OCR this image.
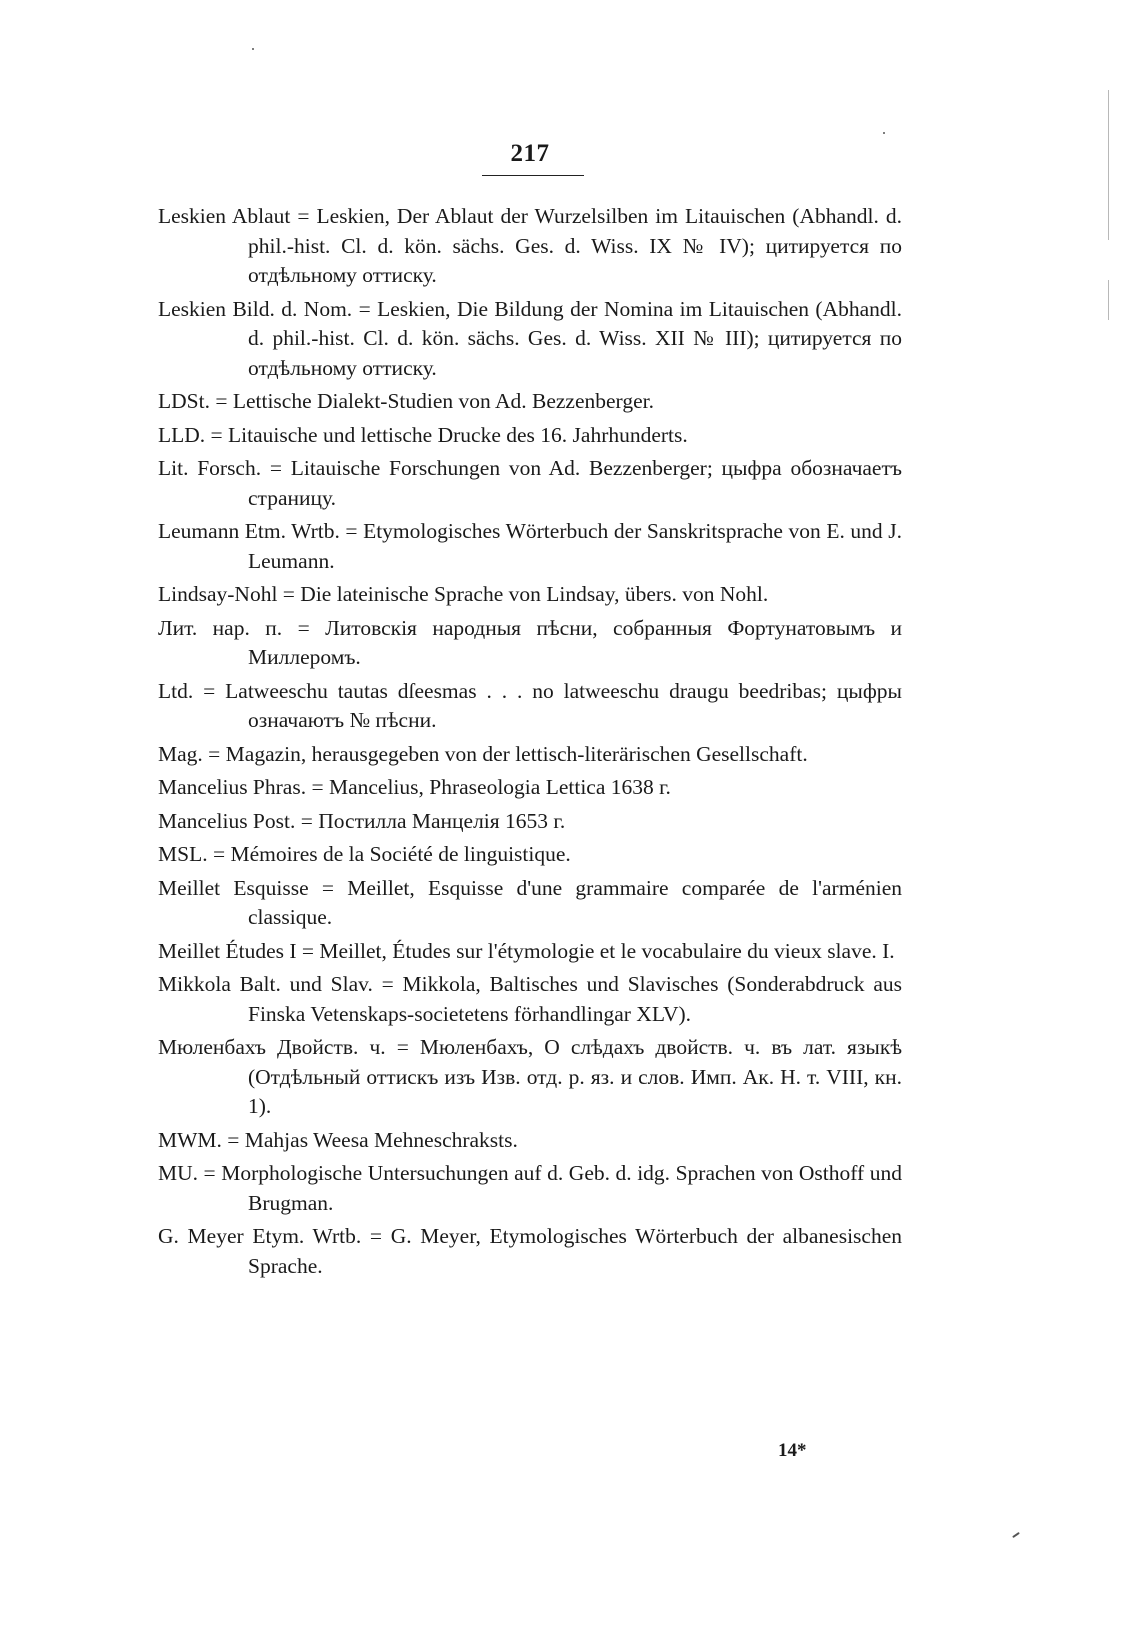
217

Leskien Ablaut = Leskien, Der Ablaut der Wurzelsilben im Litauischen (Abhandl. d. phil.-hist. Cl. d. kön. sächs. Ges. d. Wiss. IX № IV); цитируется по отдѣльному оттиску.

Leskien Bild. d. Nom. = Leskien, Die Bildung der Nomina im Litauischen (Abhandl. d. phil.-hist. Cl. d. kön. sächs. Ges. d. Wiss. XII № III); цитируется по отдѣльному оттиску.

LDSt. = Lettische Dialekt-Studien von Ad. Bezzenberger.

LLD. = Litauische und lettische Drucke des 16. Jahrhunderts.

Lit. Forsch. = Litauische Forschungen von Ad. Bezzenberger; цыфра обозначаетъ страницу.

Leumann Etm. Wrtb. = Etymologisches Wörterbuch der Sanskritsprache von E. und J. Leumann.

Lindsay-Nohl = Die lateinische Sprache von Lindsay, übers. von Nohl.

Лит. нар. п. = Литовскія народныя пѣсни, собранныя Фортунатовымъ и Миллеромъ.

Ltd. = Latweeschu tautas dſeesmas . . . no latweeschu draugu beedribas; цыфры означаютъ № пѣсни.

Mag. = Magazin, herausgegeben von der lettisch-literärischen Gesellschaft.

Mancelius Phras. = Mancelius, Phraseologia Lettica 1638 г.

Mancelius Post. = Постилла Манцелія 1653 г.

MSL. = Mémoires de la Société de linguistique.

Meillet Esquisse = Meillet, Esquisse d'une grammaire comparée de l'arménien classique.

Meillet Études I = Meillet, Études sur l'étymologie et le vocabulaire du vieux slave. I.

Mikkola Balt. und Slav. = Mikkola, Baltisches und Slavisches (Sonderabdruck aus Finska Vetenskaps-societetens förhandlingar XLV).

Мюленбахъ Двойств. ч. = Мюленбахъ, О слѣдахъ двойств. ч. въ лат. языкѣ (Отдѣльный оттискъ изъ Изв. отд. р. яз. и слов. Имп. Ак. Н. т. VIII, кн. 1).

MWM. = Mahjas Weesa Mehneschraksts.

MU. = Morphologische Untersuchungen auf d. Geb. d. idg. Sprachen von Osthoff und Brugman.

G. Meyer Etym. Wrtb. = G. Meyer, Etymologisches Wörterbuch der albanesischen Sprache.

14*
